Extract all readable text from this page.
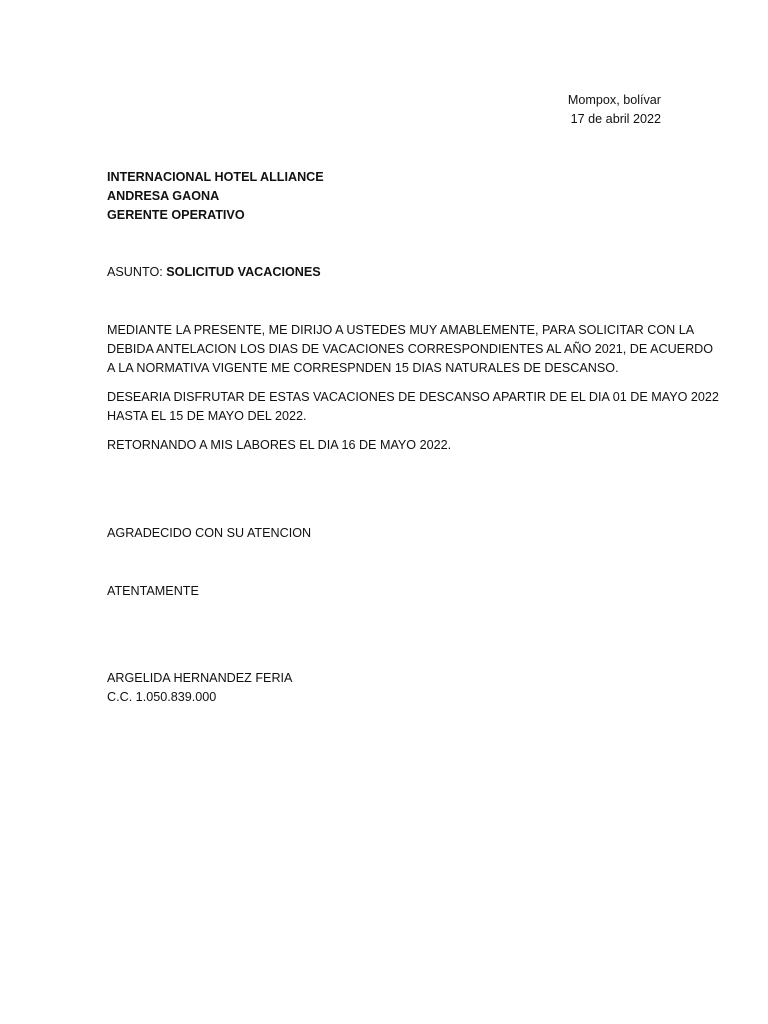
Mompox, bolívar
17 de abril 2022
INTERNACIONAL HOTEL ALLIANCE
ANDRESA GAONA
GERENTE OPERATIVO
ASUNTO: SOLICITUD VACACIONES
MEDIANTE LA PRESENTE, ME DIRIJO A USTEDES MUY AMABLEMENTE, PARA SOLICITAR CON LA
DEBIDA ANTELACION LOS DIAS DE VACACIONES CORRESPONDIENTES AL AÑO 2021, DE ACUERDO
A LA NORMATIVA VIGENTE ME CORRESPNDEN 15 DIAS NATURALES DE DESCANSO.
DESEARIA DISFRUTAR DE ESTAS VACACIONES DE DESCANSO APARTIR DE EL DIA 01 DE MAYO 2022
HASTA EL 15 DE MAYO DEL 2022.
RETORNANDO A MIS LABORES EL DIA 16 DE MAYO 2022.
AGRADECIDO CON SU ATENCION
ATENTAMENTE
ARGELIDA HERNANDEZ FERIA
C.C. 1.050.839.000
